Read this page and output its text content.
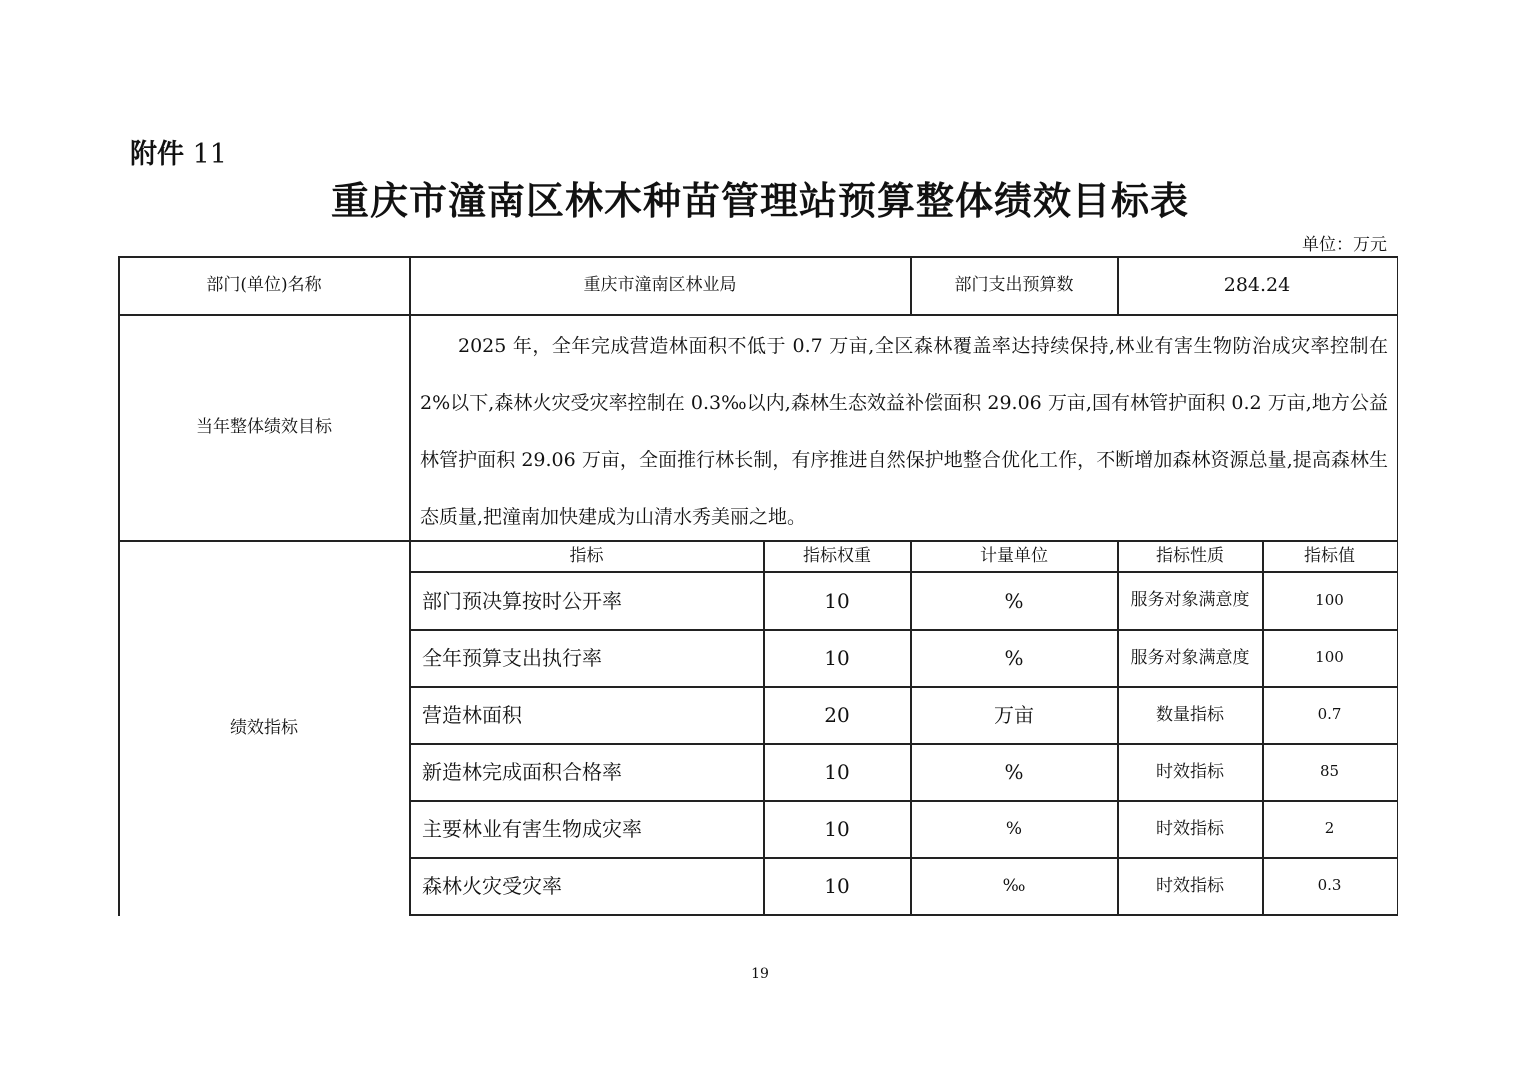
附件 11
重庆市潼南区林木种苗管理站预算整体绩效目标表
单位：万元
部门(单位)名称	重庆市潼南区林业局	部门支出预算数	284.24
当年整体绩效目标
2025 年，全年完成营造林面积不低于 0.7 万亩,全区森林覆盖率达持续保持,林业有害生物防治成灾率控制在 2%以下,森林火灾受灾率控制在 0.3‰以内,森林生态效益补偿面积 29.06 万亩,国有林管护面积 0.2 万亩,地方公益林管护面积 29.06 万亩，全面推行林长制，有序推进自然保护地整合优化工作，不断增加森林资源总量,提高森林生态质量,把潼南加快建成为山清水秀美丽之地。
绩效指标
指标	指标权重	计量单位	指标性质	指标值
部门预决算按时公开率	10	%	服务对象满意度	100
全年预算支出执行率	10	%	服务对象满意度	100
营造林面积	20	万亩	数量指标	0.7
新造林完成面积合格率	10	%	时效指标	85
主要林业有害生物成灾率	10	%	时效指标	2
森林火灾受灾率	10	‰	时效指标	0.3
19
